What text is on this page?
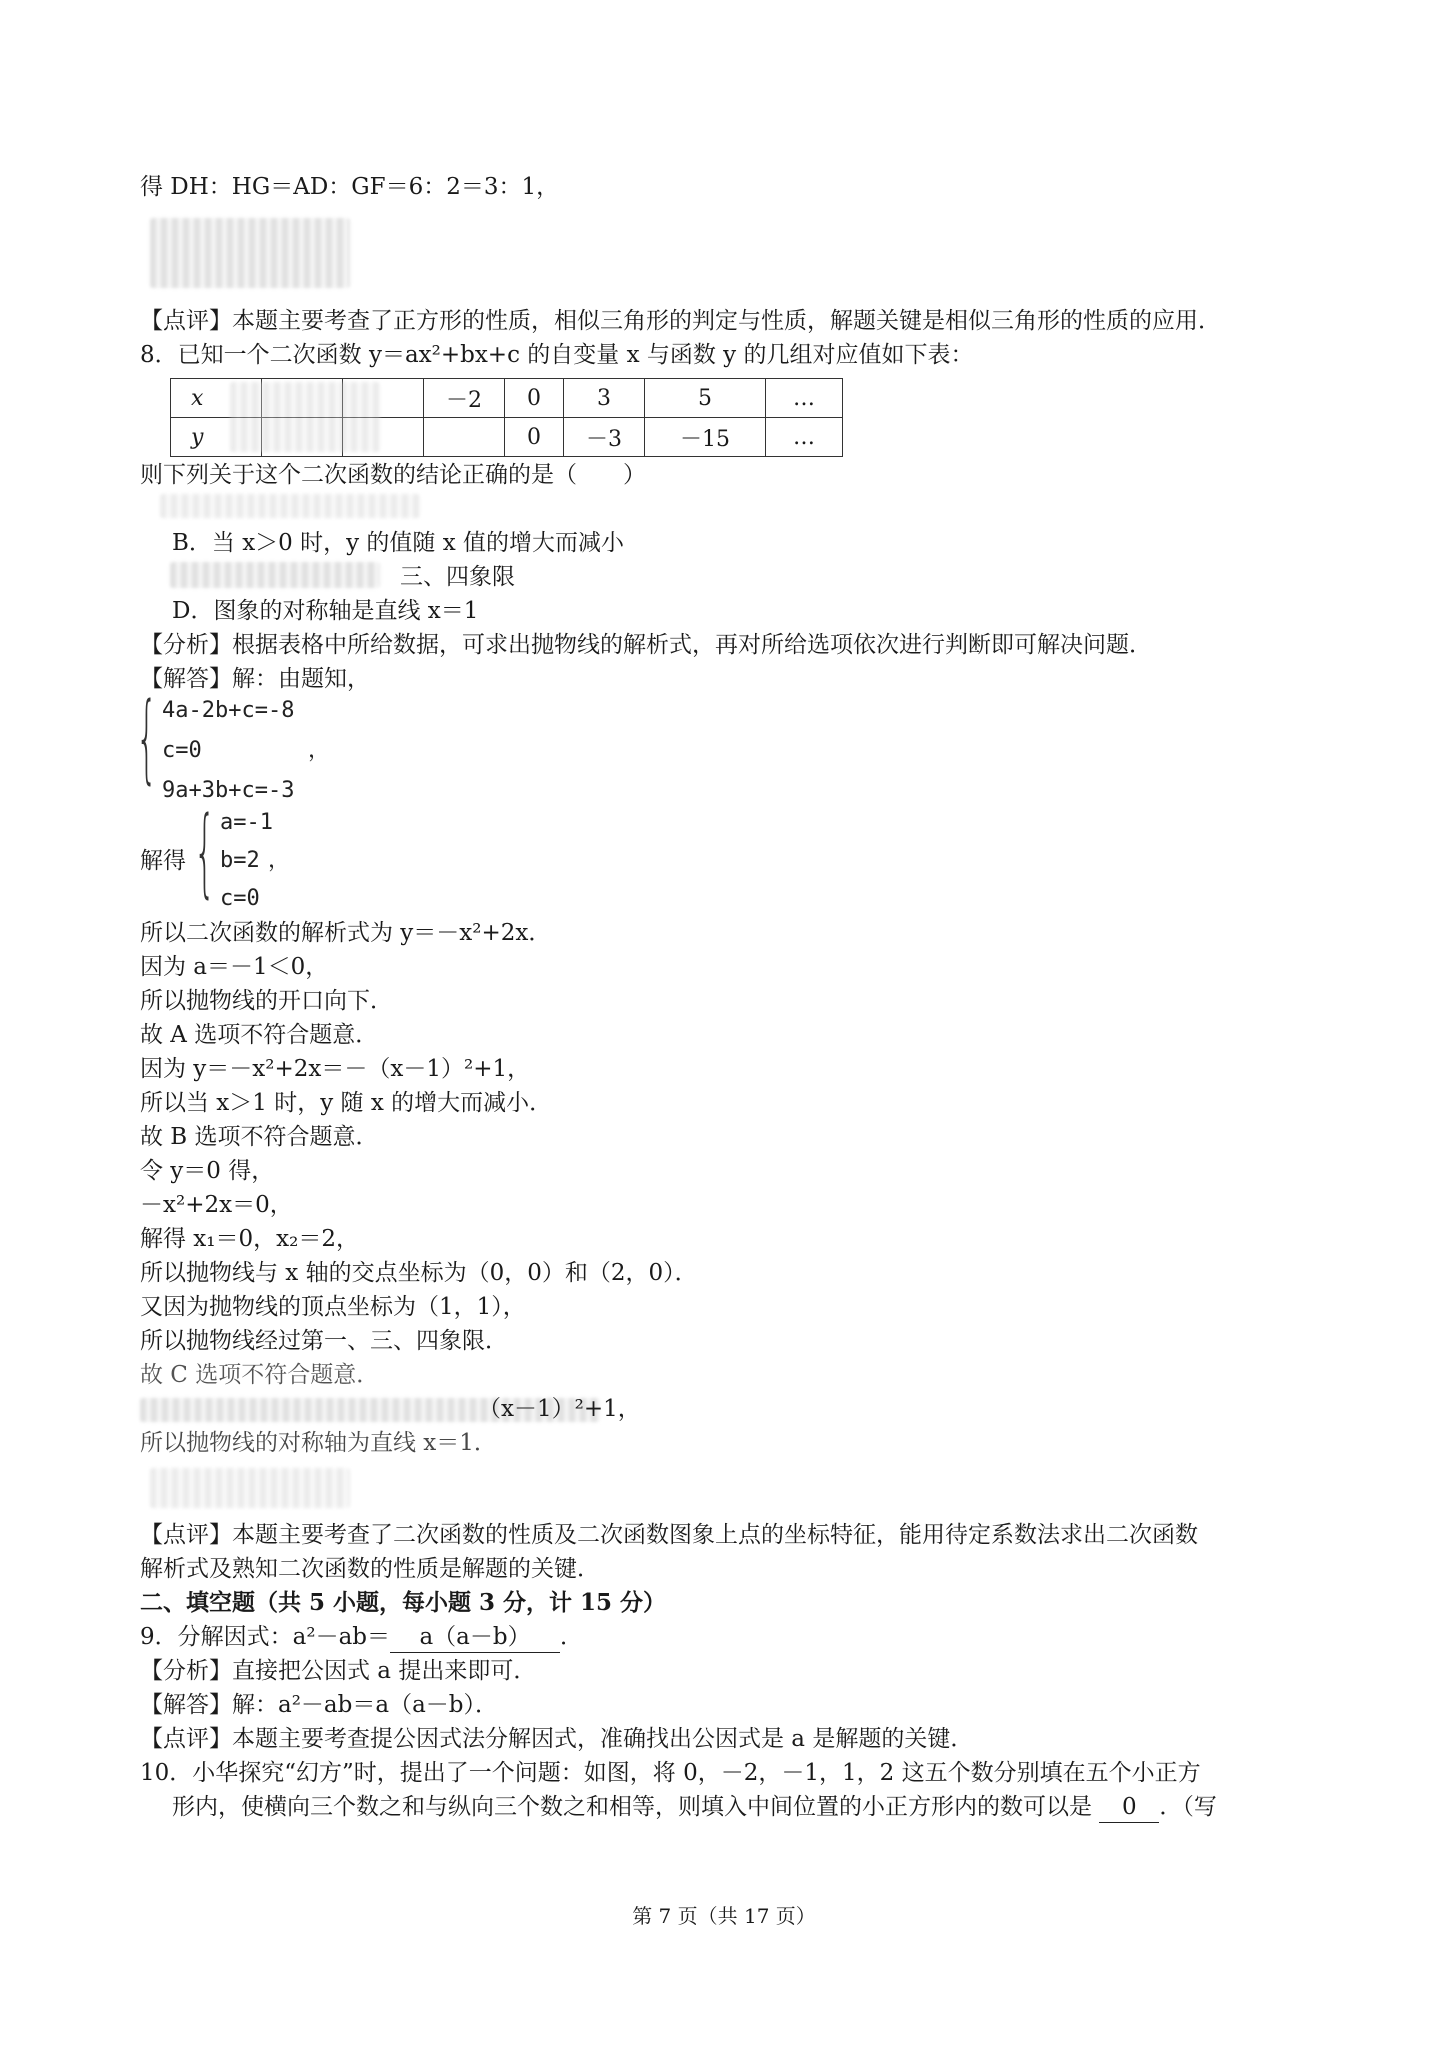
得 DH：HG＝AD：GF＝6：2＝3：1，
【点评】本题主要考查了正方形的性质，相似三角形的判定与性质，解题关键是相似三角形的性质的应用．
8．已知一个二次函数 y＝ax²+bx+c 的自变量 x 与函数 y 的几组对应值如下表：
x			－2	0	3	5	…
y				0	－3	－15	…
则下列关于这个二次函数的结论正确的是（　　）
B．当 x＞0 时，y 的值随 x 值的增大而减小
三、四象限
D．图象的对称轴是直线 x＝1
【分析】根据表格中所给数据，可求出抛物线的解析式，再对所给选项依次进行判断即可解决问题．
【解答】解：由题知，
{ 4a-2b+c=-8
c=0	，
9a+3b+c=-3
解得 { a=-1
b=2 ，
c=0
所以二次函数的解析式为 y＝－x²+2x．
因为 a＝－1＜0，
所以抛物线的开口向下．
故 A 选项不符合题意．
因为 y＝－x²+2x＝－（x－1）²+1，
所以当 x＞1 时，y 随 x 的增大而减小．
故 B 选项不符合题意．
令 y＝0 得，
－x²+2x＝0，
解得 x₁＝0，x₂＝2，
所以抛物线与 x 轴的交点坐标为（0，0）和（2，0）．
又因为抛物线的顶点坐标为（1，1），
所以抛物线经过第一、三、四象限．
故 C 选项不符合题意．
（x－1）²+1，
所以抛物线的对称轴为直线 x＝1．
【点评】本题主要考查了二次函数的性质及二次函数图象上点的坐标特征，能用待定系数法求出二次函数
解析式及熟知二次函数的性质是解题的关键．
二、填空题（共 5 小题，每小题 3 分，计 15 分）
9．分解因式：a²－ab＝ a（a－b） ．
【分析】直接把公因式 a 提出来即可．
【解答】解：a²－ab＝a（a－b）．
【点评】本题主要考查提公因式法分解因式，准确找出公因式是 a 是解题的关键．
10．小华探究“幻方”时，提出了一个问题：如图，将 0，－2，－1，1，2 这五个数分别填在五个小正方
形内，使横向三个数之和与纵向三个数之和相等，则填入中间位置的小正方形内的数可以是 0 ．（写
第 7 页（共 17 页）
